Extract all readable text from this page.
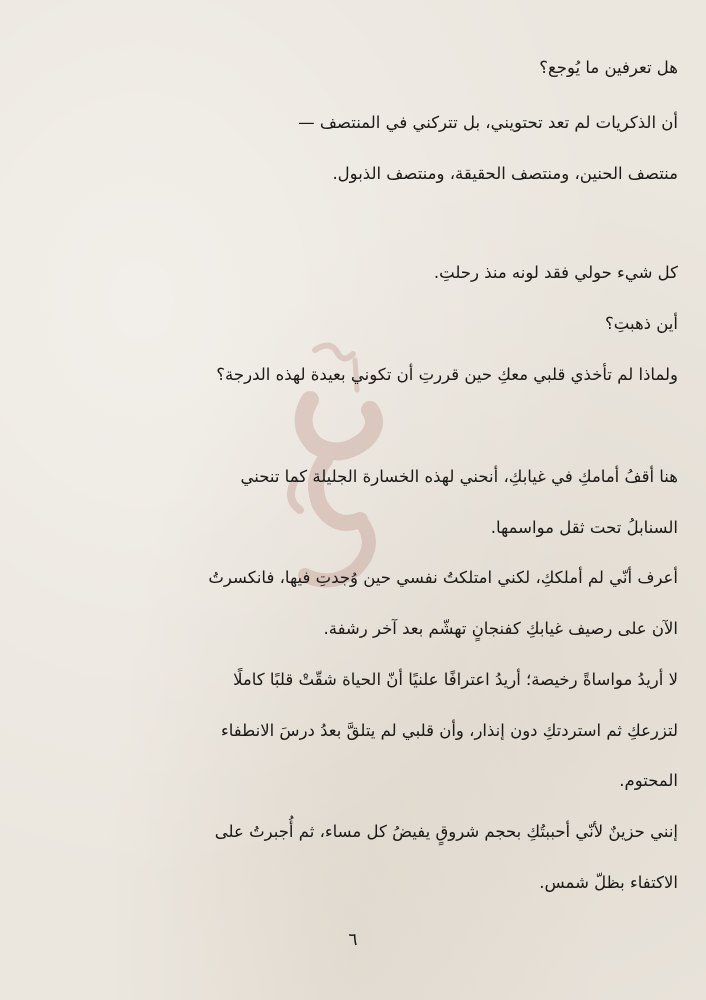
هل تعرفين ما يُوجع؟
أن الذكريات لم تعد تحتويني، بل تتركني في المنتصف —
منتصف الحنين، ومنتصف الحقيقة، ومنتصف الذبول.
كل شيء حولي فقد لونه منذ رحلتِ.
أين ذهبتِ؟
ولماذا لم تأخذي قلبي معكِ حين قررتِ أن تكوني بعيدة لهذه الدرجة؟
هنا أقفُ أمامكِ في غيابكِ، أنحني لهذه الخسارة الجليلة كما تنحني
السنابلُ تحت ثقل مواسمها.
أعرف أنّي لم أملككِ، لكني امتلكتُ نفسي حين وُجدتِ فيها، فانكسرتُ
الآن على رصيف غيابكِ كفنجانٍ تهشّم بعد آخر رشفة.
لا أريدُ مواساةً رخيصة؛ أريدُ اعترافًا علنيًا أنّ الحياة شقّتْ قلبًا كاملًا
لتزرعكِ ثم استردتكِ دون إنذار، وأن قلبي لم يتلقَّ بعدُ درسَ الانطفاء
المحتوم.
إنني حزينٌ لأنّي أحببتُكِ بحجم شروقٍ يفيضُ كل مساء، ثم أُجبرتُ على
الاكتفاء بظلّ شمس.
٦
